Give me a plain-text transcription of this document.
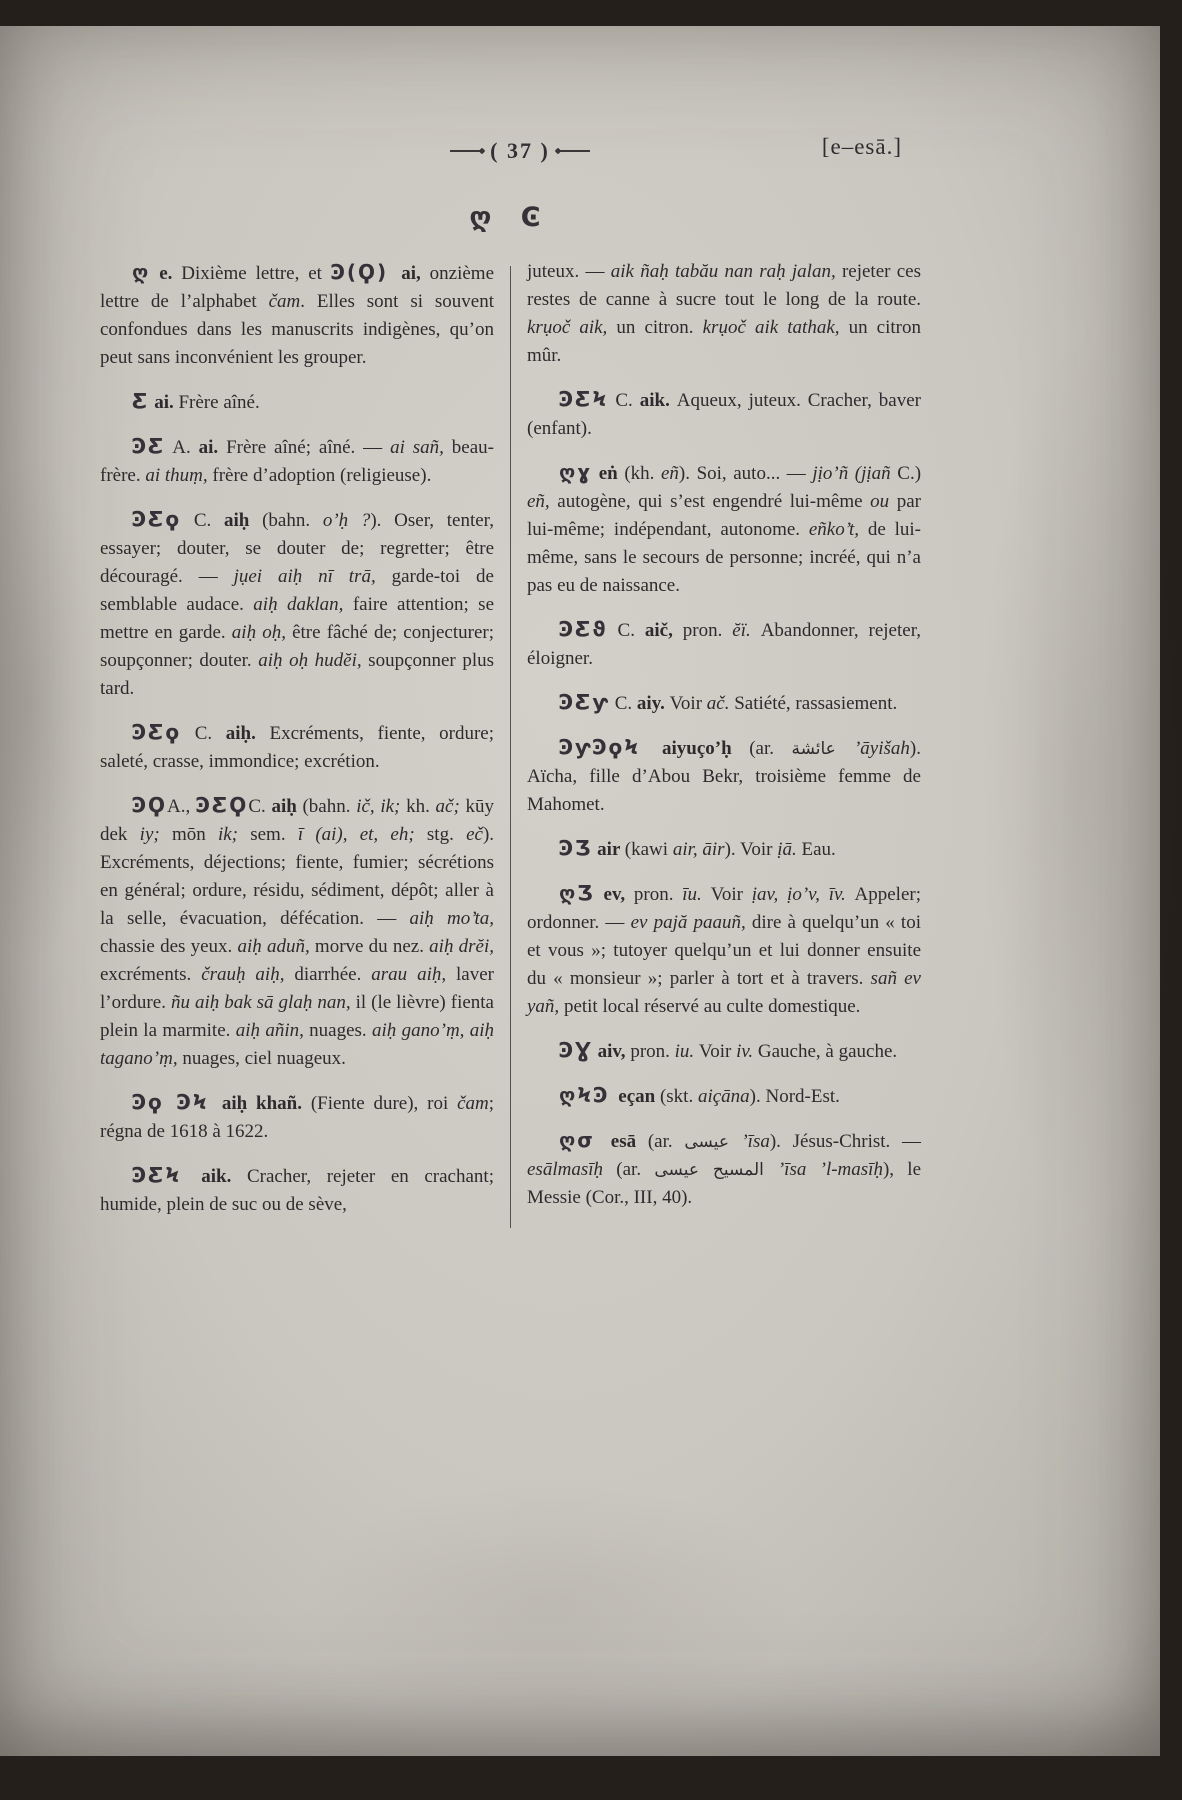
( 37 )	[e–esā.]
ღ Ͼ

ღ e. Dixième lettre, et Ͽ(Ϙ) ai, onzième lettre de l’alphabet čam. Elles sont si souvent confondues dans les manuscrits indigènes, qu’on peut sans inconvénient les grouper.

Ƹ ai. Frère aîné.

ϿƸ A. ai. Frère aîné; aîné. — ai sañ, beau-frère. ai thuṃ, frère d’adoption (religieuse).

ϿƸϙ C. aiḥ (bahn. o’ḥ ?). Oser, tenter, essayer; douter, se douter de; regretter; être découragé. — jụei aiḥ nī trā, garde-toi de semblable audace. aiḥ daklan, faire attention; se mettre en garde. aiḥ oḥ, être fâché de; conjecturer; soupçonner; douter. aiḥ oḥ hudĕi, soupçonner plus tard.

ϿƸϙ C. aiḥ. Excréments, fiente, ordure; saleté, crasse, immondice; excrétion.

ϿϘA., ϿƸϘC. aiḥ (bahn. ič, ik; kh. ač; kūy dek iy; mōn ik; sem. ī (ai), et, eh; stg. eč). Excréments, déjections; fiente, fumier; sécrétions en général; ordure, résidu, sédiment, dépôt; aller à la selle, évacuation, défécation. — aiḥ mo’ta, chassie des yeux. aiḥ aduñ, morve du nez. aiḥ drĕi, excréments. črauḥ aiḥ, diarrhée. arau aiḥ, laver l’ordure. ñu aiḥ bak sā glaḥ nan, il (le lièvre) fienta plein la marmite. aiḥ añin, nuages. aiḥ gano’ṃ, aiḥ tagano’ṃ, nuages, ciel nuageux.

Ͽϙ ϿϞ aiḥ khañ. (Fiente dure), roi čam; régna de 1618 à 1622.

ϿƸϞ aik. Cracher, rejeter en crachant; humide, plein de suc ou de sève,

juteux. — aik ñaḥ tabău nan raḥ jalan, rejeter ces restes de canne à sucre tout le long de la route. krụoč aik, un citron. krụoč aik tathak, un citron mûr.

ϿƸϞ C. aik. Aqueux, juteux. Cracher, baver (enfant).

ღɣ eṅ (kh. eñ). Soi, auto... — jịo’ñ (jịañ C.) eñ, autogène, qui s’est engendré lui-même ou par lui-même; indépendant, autonome. eñko’t, de lui-même, sans le secours de personne; incréé, qui n’a pas eu de naissance.

ϿƸϑ C. aič, pron. ĕï. Abandonner, rejeter, éloigner.

ϿƸƴ C. aiy. Voir ač. Satiété, rassasiement.

ϿƴϿϙϞ aiyuço’ḥ (ar. عائشة ’āyišah). Aïcha, fille d’Abou Bekr, troisième femme de Mahomet.

ϿƷ air (kawi air, āir). Voir ịā. Eau.

ღƷ ev, pron. īu. Voir ịav, ịo’v, īv. Appeler; ordonner. — ev pajă paauñ, dire à quelqu’un « toi et vous »; tutoyer quelqu’un et lui donner ensuite du « monsieur »; parler à tort et à travers. sañ ev yañ, petit local réservé au culte domestique.

ϿƔ aiv, pron. iu. Voir iv. Gauche, à gauche.

ღϞϿ eçan (skt. aiçāna). Nord-Est.

ღσ esā (ar. عيسى ’īsa). Jésus-Christ. — esālmasīḥ (ar. المسيح عيسى ’īsa ’l-masīḥ), le Messie (Cor., III, 40).
